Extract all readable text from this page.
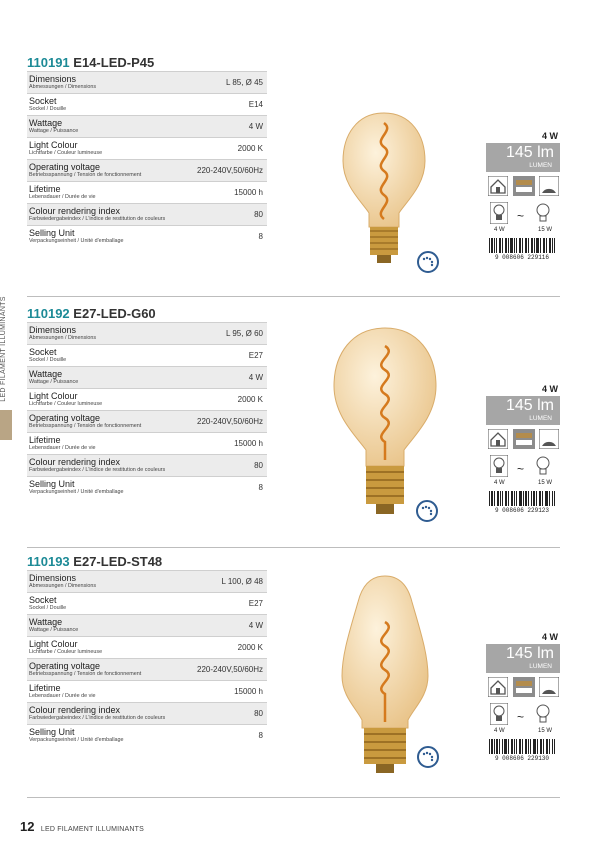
LED FILAMENT ILLUMINANTS
110191 E14-LED-P45
Dimensions
Abmessungen / Dimensions	L 85, Ø 45
Socket
Sockel / Douille	E14
Wattage
Wattage / Puissance	4 W
Light Colour
Lichtfarbe / Couleur lumineuse	2000 K
Operating voltage
Betriebsspannung / Tension de fonctionnement	220-240V,50/60Hz
Lifetime
Lebensdauer / Durée de vie	15000 h
Colour rendering index
Farbwiedergabeindex / L'indice de restitution de couleurs	80
Selling Unit
Verpackungseinheit / Unité d'emballage	8
4 W
145 lm
LUMEN
~
4 W	15 W
9 008606 229116
110192 E27-LED-G60
Dimensions
Abmessungen / Dimensions	L 95, Ø 60
Socket
Sockel / Douille	E27
Wattage
Wattage / Puissance	4 W
Light Colour
Lichtfarbe / Couleur lumineuse	2000 K
Operating voltage
Betriebsspannung / Tension de fonctionnement	220-240V,50/60Hz
Lifetime
Lebensdauer / Durée de vie	15000 h
Colour rendering index
Farbwiedergabeindex / L'indice de restitution de couleurs	80
Selling Unit
Verpackungseinheit / Unité d'emballage	8
4 W
145 lm
LUMEN
~
4 W	15 W
9 008606 229123
110193 E27-LED-ST48
Dimensions
Abmessungen / Dimensions	L 100, Ø 48
Socket
Sockel / Douille	E27
Wattage
Wattage / Puissance	4 W
Light Colour
Lichtfarbe / Couleur lumineuse	2000 K
Operating voltage
Betriebsspannung / Tension de fonctionnement	220-240V,50/60Hz
Lifetime
Lebensdauer / Durée de vie	15000 h
Colour rendering index
Farbwiedergabeindex / L'indice de restitution de couleurs	80
Selling Unit
Verpackungseinheit / Unité d'emballage	8
4 W
145 lm
LUMEN
~
4 W	15 W
9 008606 229130
12 LED FILAMENT ILLUMINANTS
